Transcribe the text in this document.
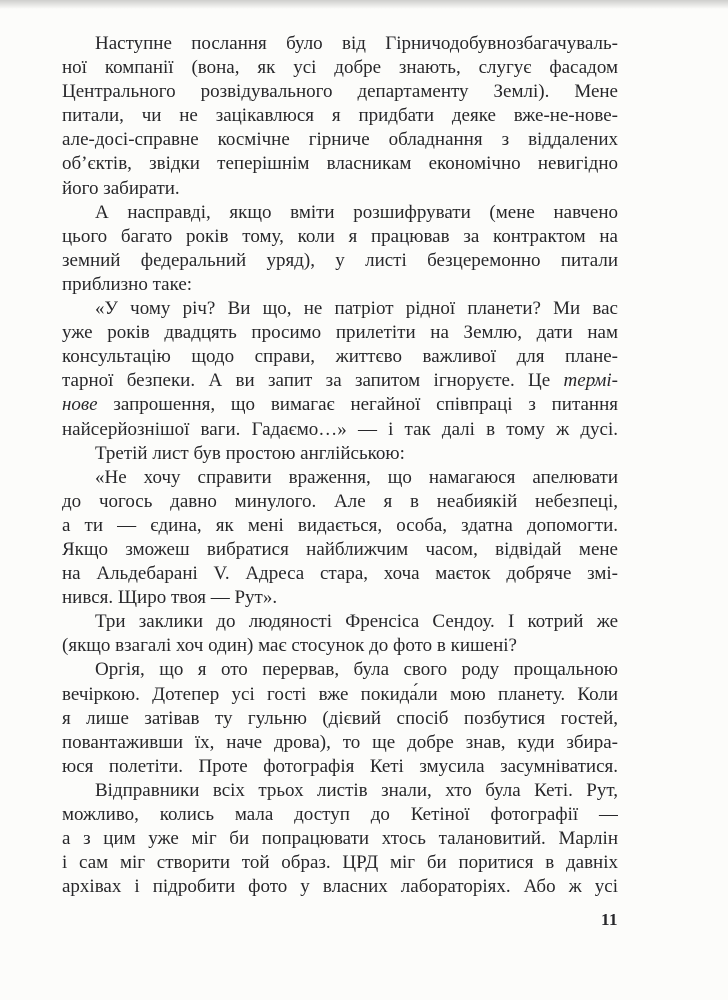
Наступне послання було від Гірничодобувнозбагачуваль-
ної компанії (вона, як усі добре знають, слугує фасадом
Центрального розвідувального департаменту Землі). Мене
питали, чи не зацікавлюся я придбати деяке вже-не-нове-
але-досі-справне космічне гірниче обладнання з віддалених
об’єктів, звідки теперішнім власникам економічно невигідно
його забирати.
А насправді, якщо вміти розшифрувати (мене навчено
цього багато років тому, коли я працював за контрактом на
земний федеральний уряд), у листі безцеремонно питали
приблизно таке:
«У чому річ? Ви що, не патріот рідної планети? Ми вас
уже років двадцять просимо прилетіти на Землю, дати нам
консультацію щодо справи, життєво важливої для плане-
тарної безпеки. А ви запит за запитом ігноруєте. Це термі-
нове запрошення, що вимагає негайної співпраці з питання
найсерйознішої ваги. Гадаємо…» — і так далі в тому ж дусі.
Третій лист був простою англійською:
«Не хочу справити враження, що намагаюся апелювати
до чогось давно минулого. Але я в неабиякій небезпеці,
а ти — єдина, як мені видається, особа, здатна допомогти.
Якщо зможеш вибратися найближчим часом, відвідай мене
на Альдебарані V. Адреса стара, хоча маєток добряче змі-
нився. Щиро твоя — Рут».
Три заклики до людяності Френсіса Сендоу. І котрий же
(якщо взагалі хоч один) має стосунок до фото в кишені?
Оргія, що я ото перервав, була свого роду прощальною
вечіркою. Дотепер усі гості вже покида́ли мою планету. Коли
я лише затівав ту гульню (дієвий спосіб позбутися гостей,
повантаживши їх, наче дрова), то ще добре знав, куди збира-
юся полетіти. Проте фотографія Кеті змусила засумніватися.
Відправники всіх трьох листів знали, хто була Кеті. Рут,
можливо, колись мала доступ до Кетіної фотографії —
а з цим уже міг би попрацювати хтось талановитий. Марлін
і сам міг створити той образ. ЦРД міг би поритися в давніх
архівах і підробити фото у власних лабораторіях. Або ж усі
11
